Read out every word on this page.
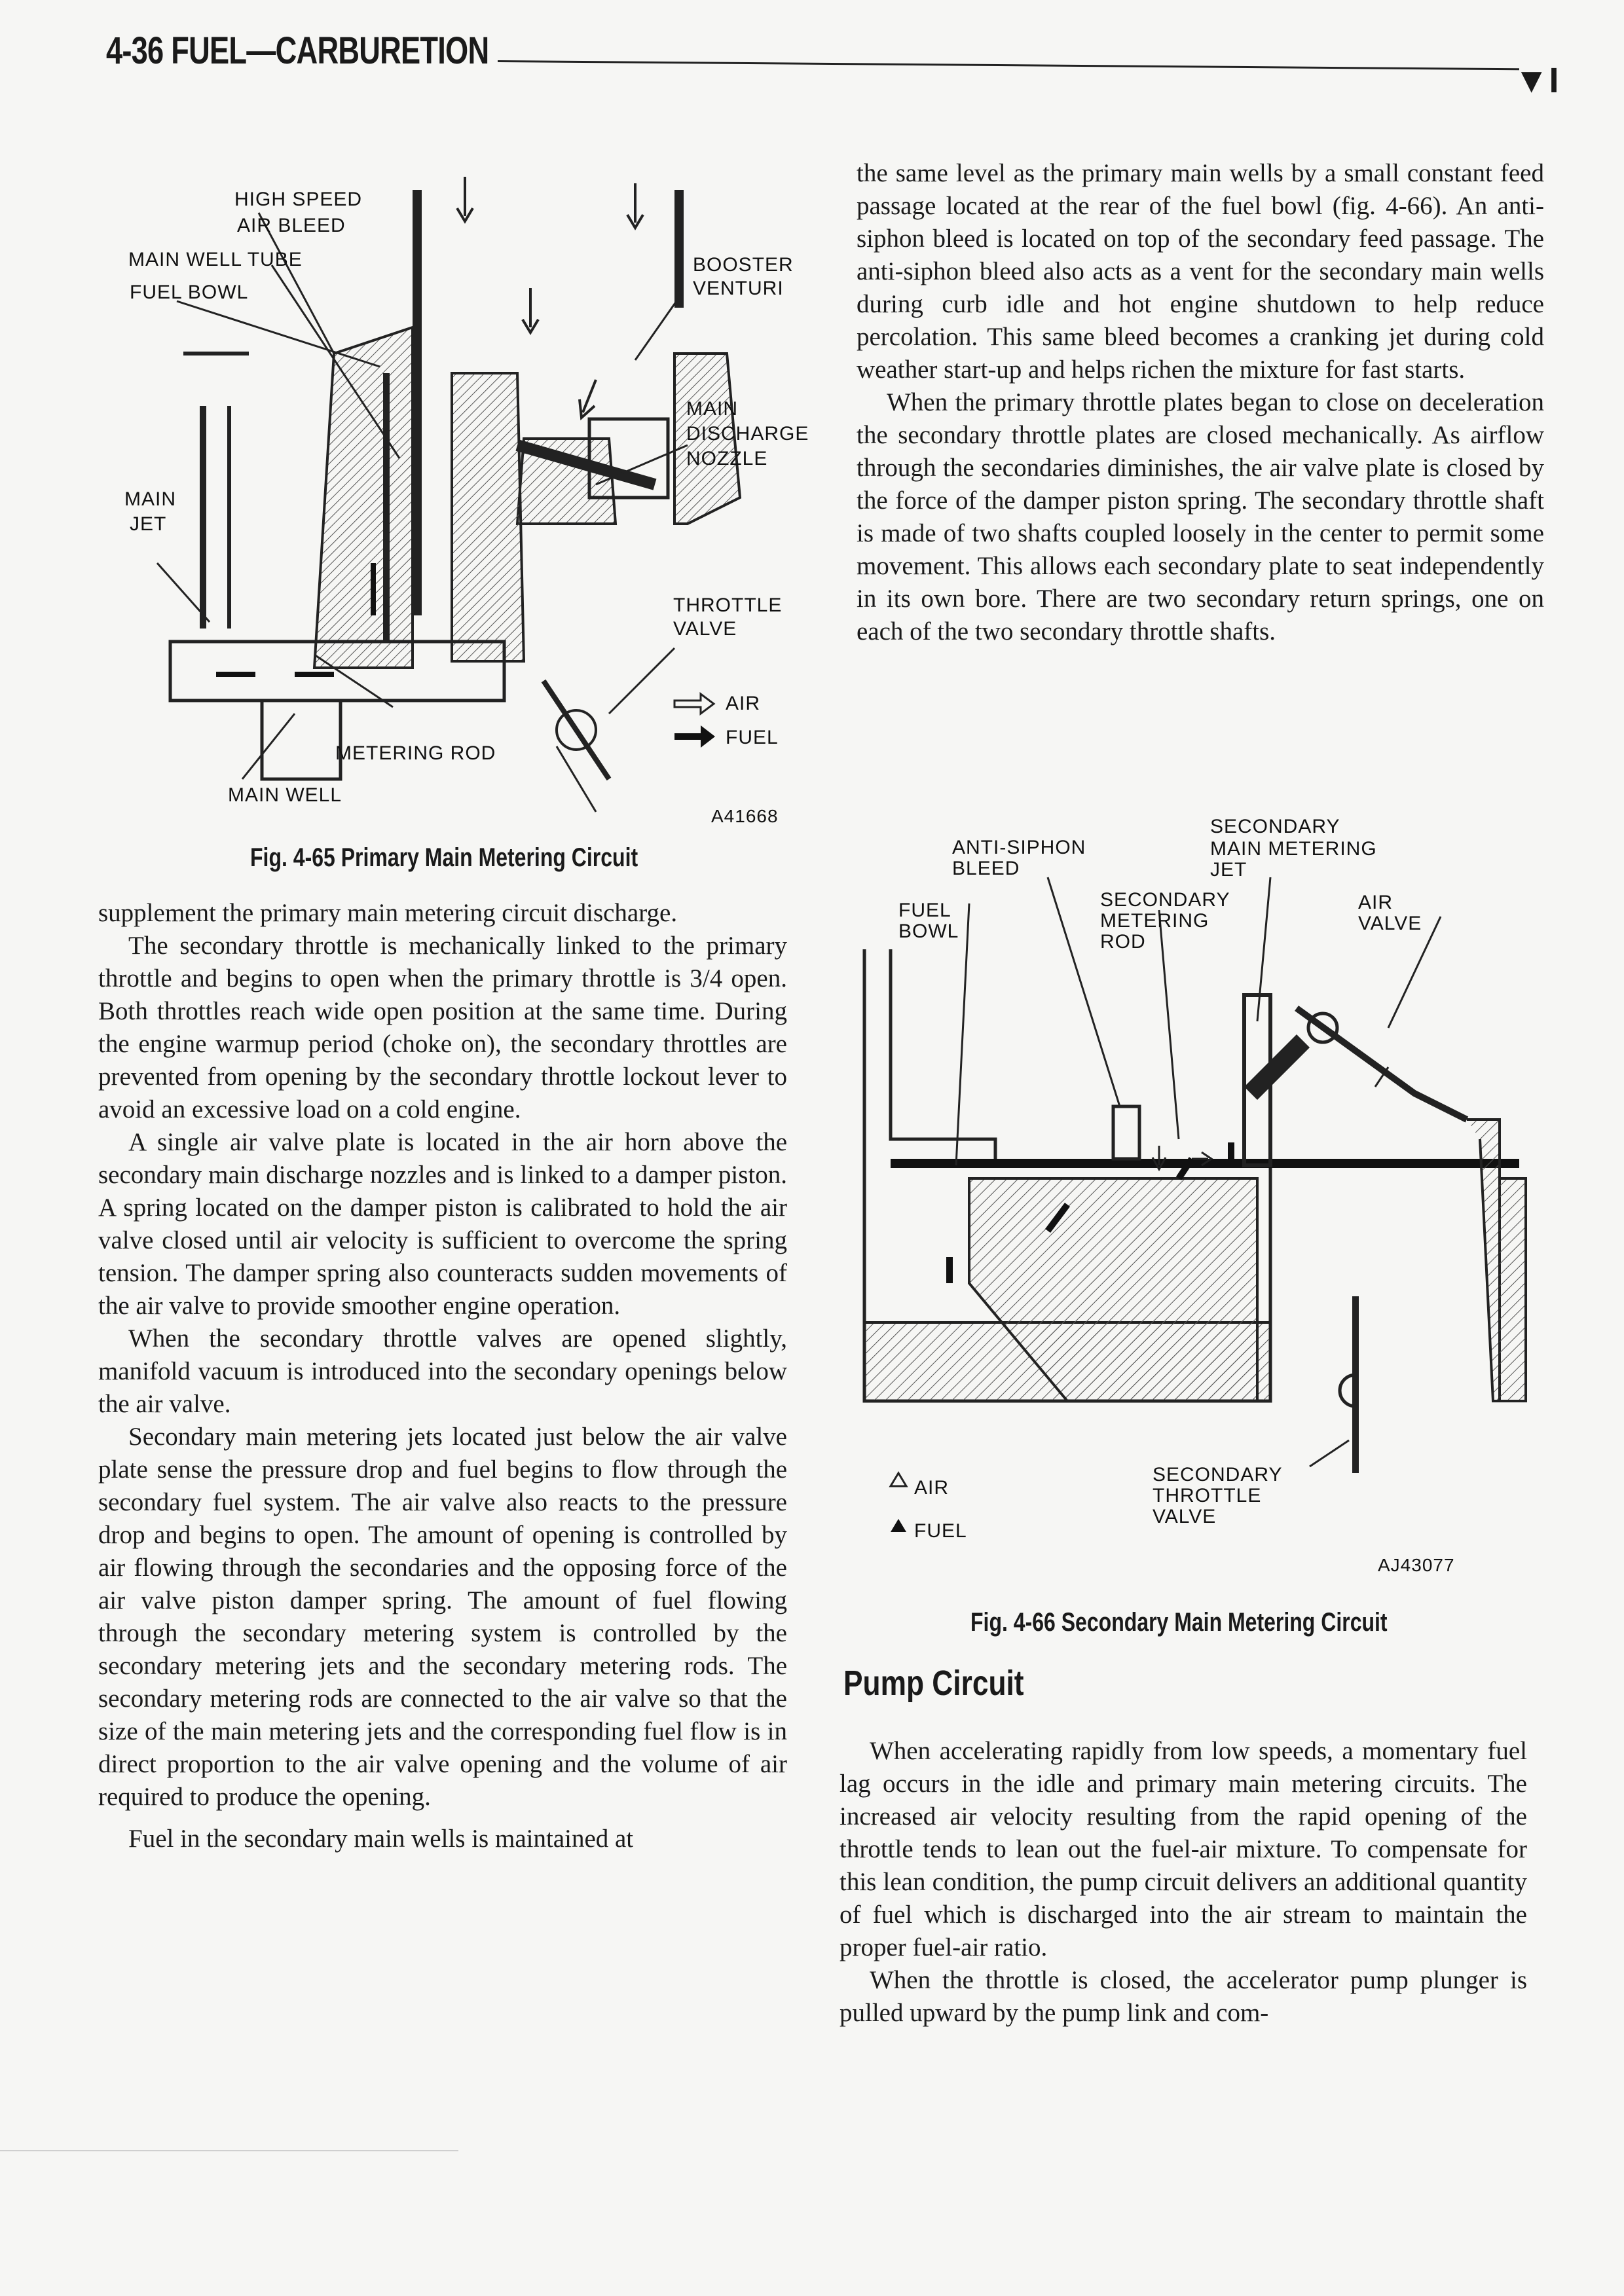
4-36 FUEL—CARBURETION
▼I
HIGH SPEED
AIR BLEED
MAIN WELL TUBE
FUEL BOWL
BOOSTER
VENTURI
MAIN
DISCHARGE
NOZZLE
MAIN
JET
THROTTLE
VALVE
AIR
FUEL
METERING ROD
MAIN WELL
A41668
Fig. 4-65 Primary Main Metering Circuit

supplement the primary main metering circuit discharge.

The secondary throttle is mechanically linked to the primary throttle and begins to open when the primary throttle is 3/4 open. Both throttles reach wide open position at the same time. During the engine warmup period (choke on), the secondary throttles are prevented from opening by the secondary throttle lockout lever to avoid an excessive load on a cold engine.

A single air valve plate is located in the air horn above the secondary main discharge nozzles and is linked to a damper piston. A spring located on the damper piston is calibrated to hold the air valve closed until air velocity is sufficient to overcome the spring tension. The damper spring also counteracts sudden movements of the air valve to provide smoother engine operation.

When the secondary throttle valves are opened slightly, manifold vacuum is introduced into the secondary openings below the air valve.

Secondary main metering jets located just below the air valve plate sense the pressure drop and fuel begins to flow through the secondary fuel system. The air valve also reacts to the pressure drop and begins to open. The amount of opening is controlled by air flowing through the secondaries and the opposing force of the air valve piston damper spring. The amount of fuel flowing through the secondary metering system is controlled by the secondary metering jets and the secondary metering rods. The secondary metering rods are connected to the air valve so that the size of the main metering jets and the corresponding fuel flow is in direct proportion to the air valve opening and the volume of air required to produce the opening.

Fuel in the secondary main wells is maintained at

the same level as the primary main wells by a small constant feed passage located at the rear of the fuel bowl (fig. 4-66). An anti-siphon bleed is located on top of the secondary feed passage. The anti-siphon bleed also acts as a vent for the secondary main wells during curb idle and hot engine shutdown to help reduce percolation. This same bleed becomes a cranking jet during cold weather start-up and helps richen the mixture for fast starts.

When the primary throttle plates began to close on deceleration the secondary throttle plates are closed mechanically. As airflow through the secondaries diminishes, the air valve plate is closed by the force of the damper piston spring. The secondary throttle shaft is made of two shafts coupled loosely in the center to permit some movement. This allows each secondary plate to seat independently in its own bore. There are two secondary return springs, one on each of the two secondary throttle shafts.

SECONDARY
MAIN METERING
JET
ANTI-SIPHON
BLEED
FUEL
BOWL
SECONDARY
METERING
ROD
AIR
VALVE
SECONDARY
THROTTLE
VALVE
AIR
FUEL
AJ43077
Fig. 4-66 Secondary Main Metering Circuit
Pump Circuit

When accelerating rapidly from low speeds, a momentary fuel lag occurs in the idle and primary main metering circuits. The increased air velocity resulting from the rapid opening of the throttle tends to lean out the fuel-air mixture. To compensate for this lean condition, the pump circuit delivers an additional quantity of fuel which is discharged into the air stream to maintain the proper fuel-air ratio.

When the throttle is closed, the accelerator pump plunger is pulled upward by the pump link and com-
